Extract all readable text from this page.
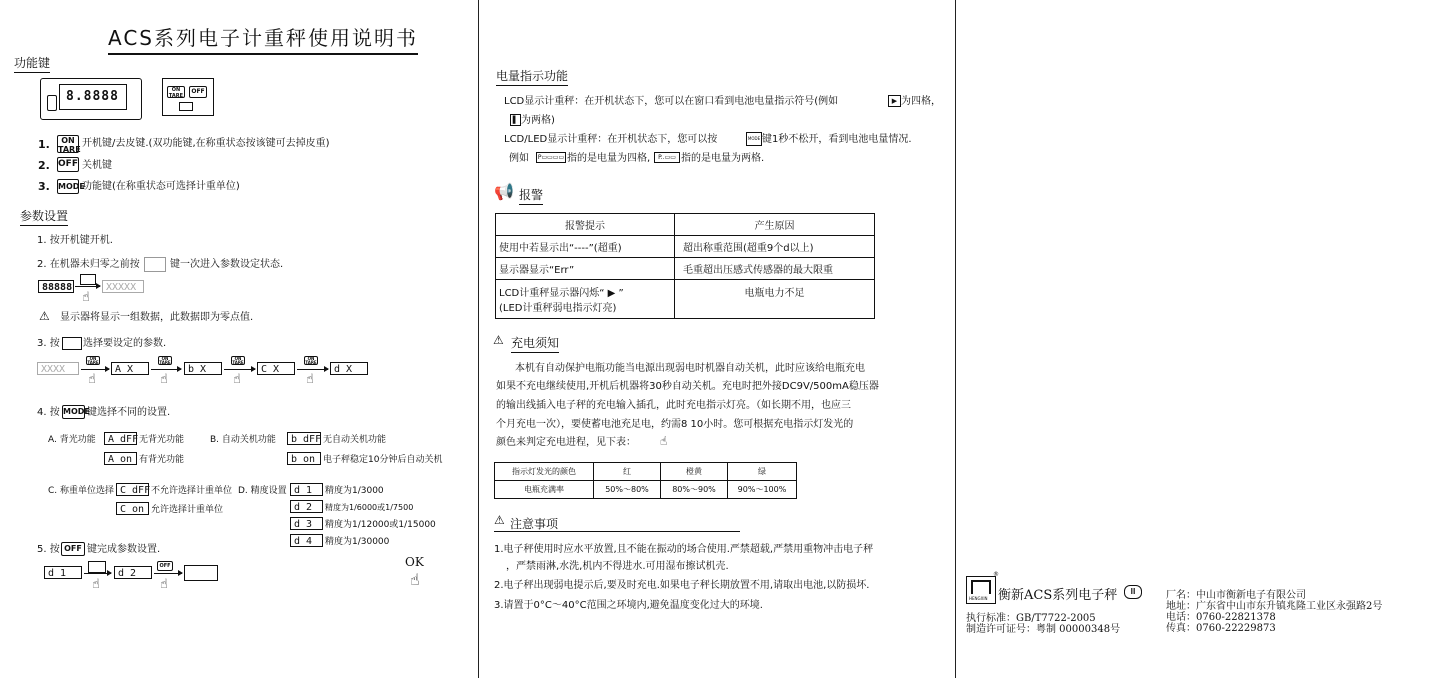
ACS系列电子计重秤使用说明书
功能键
8.8888	ON TARE
OFF
1.	ON TARE
开机键/去皮键.(双功能键,在称重状态按该键可去掉皮重)
2. OFF 关机键
3. MODE
功能键(在称重状态可选择计重单位)
参数设置
1. 按开机键开机.
2. 在机器未归零之前按	键一次进入参数设定状态.
88888
☝
XXXXX
⚠ 显示器将显示一组数据，此数据即为零点值.
3. 按 选择要设定的参数.
XXXX
ON
TARE
☝
A X
ON
TARE
☝
b X
ON
TARE
☝
C X
ON
TARE
☝
d X
4. 按 MODE
键选择不同的设置.
A. 背光功能	A dFF 无背光功能
A on 有背光功能
B. 自动关机功能	b dFF 无自动关机功能
b on 电子秤稳定10分钟后自动关机
C. 称重单位选择 C dFF 不允许选择计重单位
C on 允许选择计重单位
D. 精度设置 d 1	精度为1/3000
d 2	精度为1/6000或1/7500
d 3	精度为1/12000或1/15000
d 4	精度为1/30000
5. 按 OFF 键完成参数设置.
d 1
☝
d 2
OFF
☝
OK
☝
电量指示功能
LCD显示计重秤：在开机状态下，您可以在窗口看到电池电量指示符号(例如	▶ 为四格，
▌ 为两格)
LCD/LED显示计重秤：在开机状态下，您可以按	MODE 键1秒不松开，看到电池电量情况.
例如	P▭▭▭▭ 指的是电量为四格,	P..▭▭ 指的是电量为两格.
📢 报警
报警提示	产生原因
使用中若显示出“----”(超重)	超出称重范围(超重9个d以上)
显示器显示“Err”	毛重超出压感式传感器的最大限重
LCD计重秤显示器闪烁“ ▶ ”
(LED计重秤弱电指示灯亮)	电瓶电力不足
⚠ 充电须知
本机有自动保护电瓶功能当电源出现弱电时机器自动关机，此时应该给电瓶充电
如果不充电继续使用,开机后机器将30秒自动关机。充电时把外接DC9V/500mA稳压器
的输出线插入电子秤的充电输入插孔，此时充电指示灯亮。（如长期不用，也应三
个月充电一次），要使蓄电池充足电，约需8 10小时。您可根据充电指示灯发光的
颜色来判定充电进程，见下表： ☝
指示灯发光的颜色	红	橙黄	绿
电瓶充满率	50%～80%	80%～90%	90%～100%
⚠ 注意事项
1.电子秤使用时应水平放置,且不能在振动的场合使用.严禁超载,严禁用重物冲击电子秤
，严禁雨淋,水洗,机内不得进水.可用湿布擦试机壳.
2.电子秤出现弱电提示后,要及时充电.如果电子秤长期放置不用,请取出电池,以防损坏.
3.请置于0°C～40°C范围之环境内,避免温度变化过大的环境.
HENGXIN
®
衡新ACS系列电子秤	Ⅲ
执行标准：GB/T7722-2005
制造许可证号：粤制 00000348号
厂名：中山市衡新电子有限公司
地址：广东省中山市东升镇兆隆工业区永强路2号
电话：0760-22821378
传真：0760-22229873
